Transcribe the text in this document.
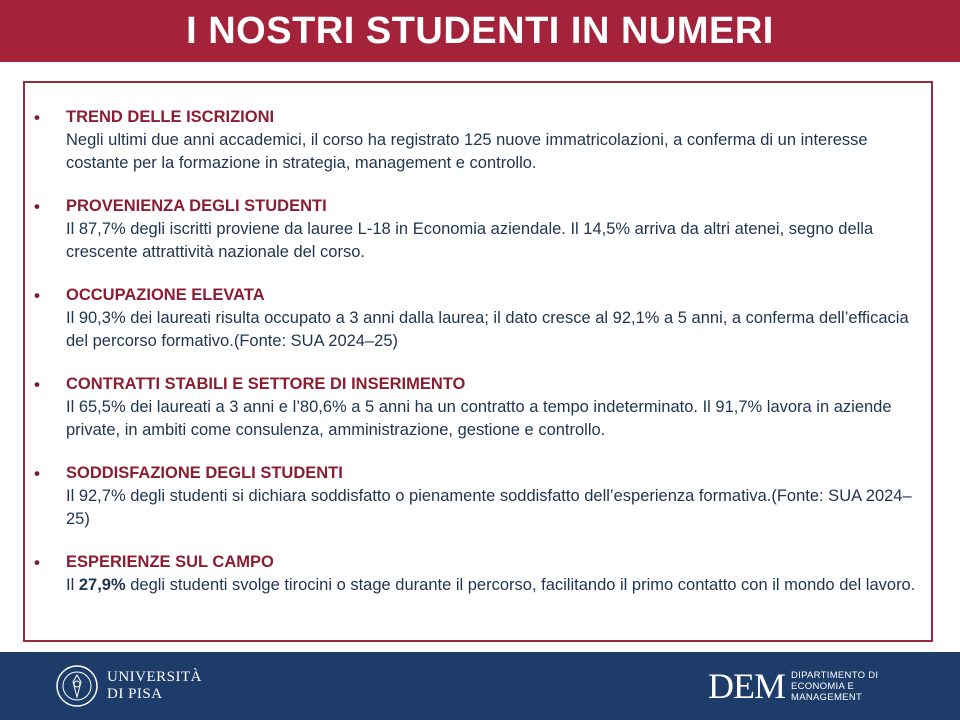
I NOSTRI STUDENTI IN NUMERI
• TREND DELLE ISCRIZIONI
Negli ultimi due anni accademici, il corso ha registrato 125 nuove immatricolazioni, a conferma di un interesse costante per la formazione in strategia, management e controllo.
• PROVENIENZA DEGLI STUDENTI
Il 87,7% degli iscritti proviene da lauree L-18 in Economia aziendale. Il 14,5% arriva da altri atenei, segno della crescente attrattività nazionale del corso.
• OCCUPAZIONE ELEVATA
Il 90,3% dei laureati risulta occupato a 3 anni dalla laurea; il dato cresce al 92,1% a 5 anni, a conferma dell’efficacia del percorso formativo.(Fonte: SUA 2024–25)
• CONTRATTI STABILI E SETTORE DI INSERIMENTO
Il 65,5% dei laureati a 3 anni e l’80,6% a 5 anni ha un contratto a tempo indeterminato. Il 91,7% lavora in aziende private, in ambiti come consulenza, amministrazione, gestione e controllo.
• SODDISFAZIONE DEGLI STUDENTI
Il 92,7% degli studenti si dichiara soddisfatto o pienamente soddisfatto dell’esperienza formativa.(Fonte: SUA 2024–25)
• ESPERIENZE SUL CAMPO
Il 27,9% degli studenti svolge tirocini o stage durante il percorso, facilitando il primo contatto con il mondo del lavoro.
UNIVERSITÀ
DI PISA	DEM DIPARTIMENTO DI
ECONOMIA E
MANAGEMENT
